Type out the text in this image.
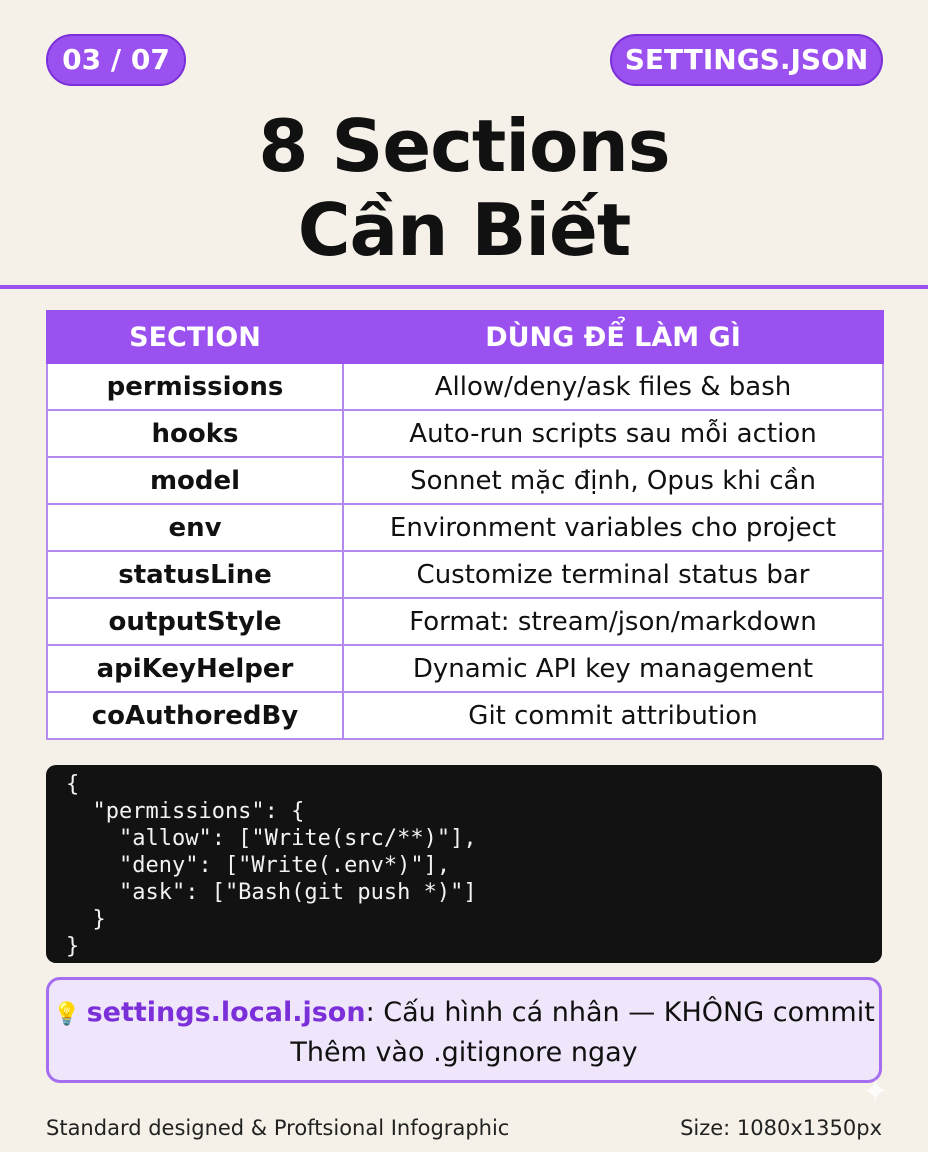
03 / 07	SETTINGS.JSON
8 Sections
Cần Biết
SECTION	DÙNG ĐỂ LÀM GÌ
permissions	Allow/deny/ask files & bash
hooks	Auto-run scripts sau mỗi action
model	Sonnet mặc định, Opus khi cần
env	Environment variables cho project
statusLine	Customize terminal status bar
outputStyle	Format: stream/json/markdown
apiKeyHelper	Dynamic API key management
coAuthoredBy	Git commit attribution
{
"permissions": {
"allow": ["Write(src/**)"],
"deny": ["Write(.env*)"],
"ask": ["Bash(git push *)"]
}
}
💡 settings.local.json: Cấu hình cá nhân — KHÔNG commit
Thêm vào .gitignore ngay
Standard designed & Proftsional Infographic	Size: 1080x1350px
✦
